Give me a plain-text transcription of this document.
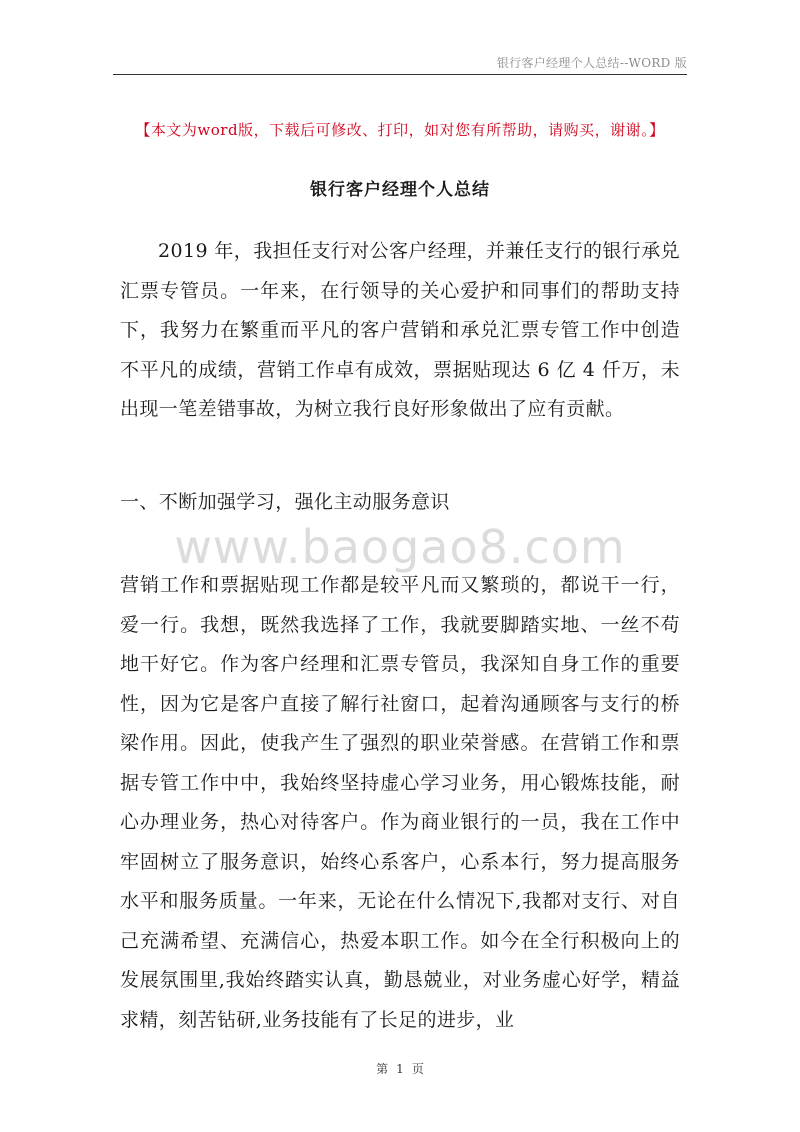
银行客户经理个人总结--WORD 版
【本文为word版，下载后可修改、打印，如对您有所帮助，请购买，谢谢。】
银行客户经理个人总结

2019 年，我担任支行对公客户经理，并兼任支行的银行承兑汇票专管员。一年来，在行领导的关心爱护和同事们的帮助支持下，我努力在繁重而平凡的客户营销和承兑汇票专管工作中创造不平凡的成绩，营销工作卓有成效，票据贴现达 6 亿 4 仟万，未出现一笔差错事故，为树立我行良好形象做出了应有贡献。

一、不断加强学习，强化主动服务意识
www.baogao8.com

营销工作和票据贴现工作都是较平凡而又繁琐的，都说干一行，爱一行。我想，既然我选择了工作，我就要脚踏实地、一丝不苟地干好它。作为客户经理和汇票专管员，我深知自身工作的重要性，因为它是客户直接了解行社窗口，起着沟通顾客与支行的桥梁作用。因此，使我产生了强烈的职业荣誉感。在营销工作和票据专管工作中中，我始终坚持虚心学习业务，用心锻炼技能，耐心办理业务，热心对待客户。作为商业银行的一员，我在工作中牢固树立了服务意识，始终心系客户，心系本行，努力提高服务水平和服务质量。一年来，无论在什么情况下,我都对支行、对自己充满希望、充满信心，热爱本职工作。如今在全行积极向上的发展氛围里,我始终踏实认真，勤恳兢业，对业务虚心好学，精益求精，刻苦钻研,业务技能有了长足的进步，业

第 1 页
